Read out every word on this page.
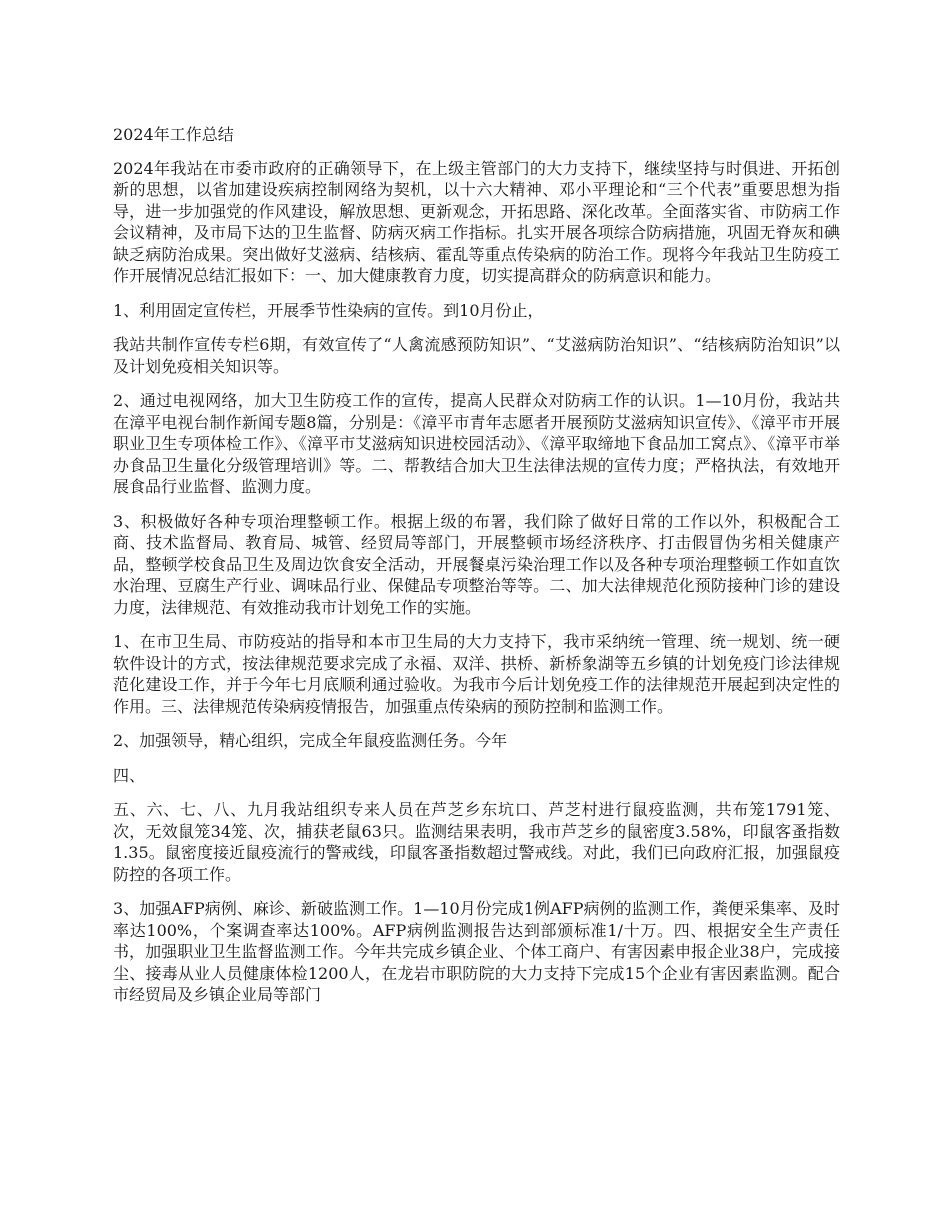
2024年工作总结

2024年我站在市委市政府的正确领导下，在上级主管部门的大力支持下，继续坚持与时俱进、开拓创新的思想，以省加建设疾病控制网络为契机，以十六大精神、邓小平理论和“三个代表”重要思想为指导，进一步加强党的作风建设，解放思想、更新观念，开拓思路、深化改革。全面落实省、市防病工作会议精神，及市局下达的卫生监督、防病灭病工作指标。扎实开展各项综合防病措施，巩固无脊灰和碘缺乏病防治成果。突出做好艾滋病、结核病、霍乱等重点传染病的防治工作。现将今年我站卫生防疫工作开展情况总结汇报如下：一、加大健康教育力度，切实提高群众的防病意识和能力。

1、利用固定宣传栏，开展季节性染病的宣传。到10月份止，

我站共制作宣传专栏6期，有效宣传了“人禽流感预防知识”、“艾滋病防治知识”、“结核病防治知识”以及计划免疫相关知识等。

2、通过电视网络，加大卫生防疫工作的宣传，提高人民群众对防病工作的认识。1—10月份，我站共在漳平电视台制作新闻专题8篇，分别是：《漳平市青年志愿者开展预防艾滋病知识宣传》、《漳平市开展职业卫生专项体检工作》、《漳平市艾滋病知识进校园活动》、《漳平取缔地下食品加工窝点》、《漳平市举办食品卫生量化分级管理培训》等。二、帮教结合加大卫生法律法规的宣传力度；严格执法，有效地开展食品行业监督、监测力度。

3、积极做好各种专项治理整顿工作。根据上级的布署，我们除了做好日常的工作以外，积极配合工商、技术监督局、教育局、城管、经贸局等部门，开展整顿市场经济秩序、打击假冒伪劣相关健康产品，整顿学校食品卫生及周边饮食安全活动，开展餐桌污染治理工作以及各种专项治理整顿工作如直饮水治理、豆腐生产行业、调味品行业、保健品专项整治等等。二、加大法律规范化预防接种门诊的建设力度，法律规范、有效推动我市计划免工作的实施。

1、在市卫生局、市防疫站的指导和本市卫生局的大力支持下，我市采纳统一管理、统一规划、统一硬软件设计的方式，按法律规范要求完成了永福、双洋、拱桥、新桥象湖等五乡镇的计划免疫门诊法律规范化建设工作，并于今年七月底顺利通过验收。为我市今后计划免疫工作的法律规范开展起到决定性的作用。三、法律规范传染病疫情报告，加强重点传染病的预防控制和监测工作。

2、加强领导，精心组织，完成全年鼠疫监测任务。今年

四、

五、六、七、八、九月我站组织专来人员在芦芝乡东坑口、芦芝村进行鼠疫监测，共布笼1791笼、次，无效鼠笼34笼、次，捕获老鼠63只。监测结果表明，我市芦芝乡的鼠密度3.58%，印鼠客蚤指数1.35。鼠密度接近鼠疫流行的警戒线，印鼠客蚤指数超过警戒线。对此，我们已向政府汇报，加强鼠疫防控的各项工作。

3、加强AFP病例、麻诊、新破监测工作。1—10月份完成1例AFP病例的监测工作，粪便采集率、及时率达100%，个案调查率达100%。AFP病例监测报告达到部颁标准1/十万。四、根据安全生产责任书，加强职业卫生监督监测工作。今年共完成乡镇企业、个体工商户、有害因素申报企业38户，完成接尘、接毒从业人员健康体检1200人，在龙岩市职防院的大力支持下完成15个企业有害因素监测。配合市经贸局及乡镇企业局等部门
